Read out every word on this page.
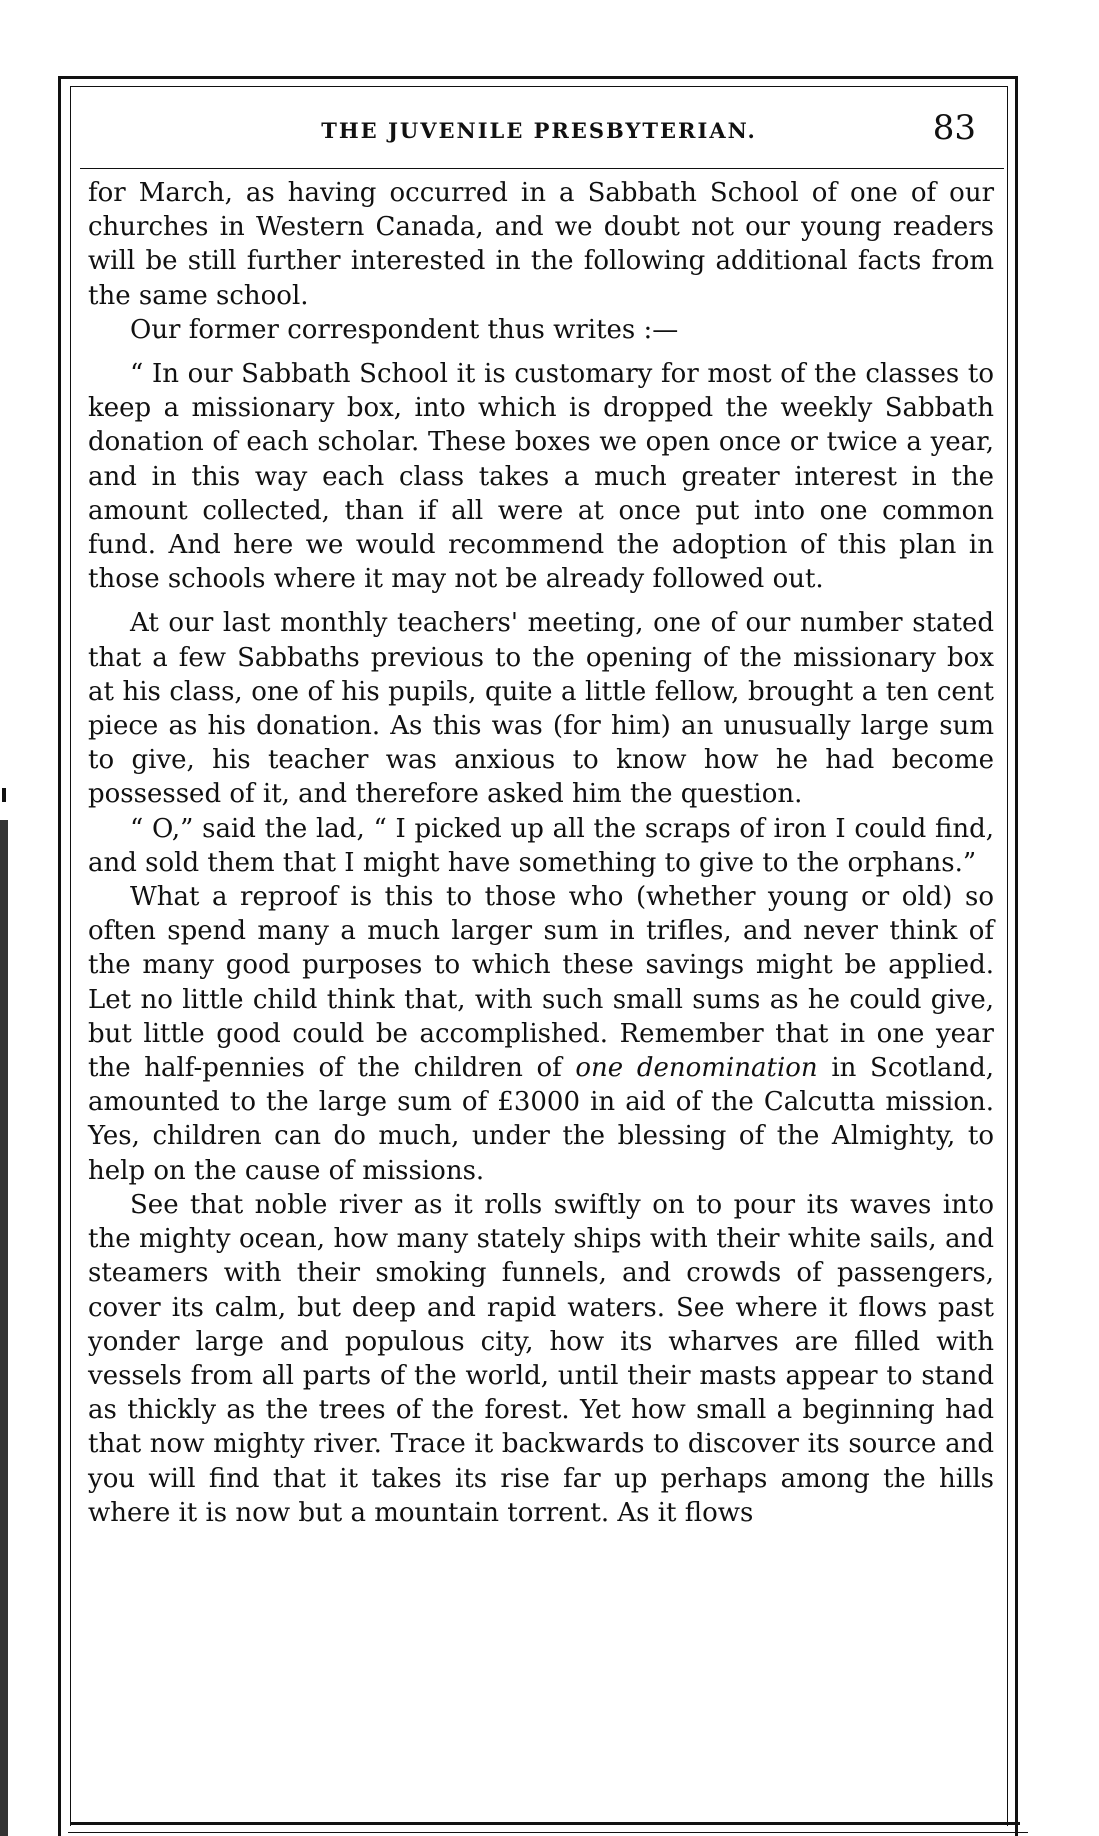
THE JUVENILE PRESBYTERIAN.	83

for March, as having occurred in a Sabbath School of one of our churches in Western Canada, and we doubt not our young readers will be still further interested in the following additional facts from the same school.

Our former correspondent thus writes :—

“ In our Sabbath School it is customary for most of the classes to keep a missionary box, into which is dropped the weekly Sabbath donation of each scholar. These boxes we open once or twice a year, and in this way each class takes a much greater interest in the amount collected, than if all were at once put into one common fund. And here we would recommend the adoption of this plan in those schools where it may not be already followed out.

At our last monthly teachers' meeting, one of our number stated that a few Sabbaths previous to the opening of the missionary box at his class, one of his pupils, quite a little fellow, brought a ten cent piece as his donation. As this was (for him) an unusually large sum to give, his teacher was anxious to know how he had become possessed of it, and therefore asked him the question.

“ O,” said the lad, “ I picked up all the scraps of iron I could find, and sold them that I might have something to give to the orphans.”

What a reproof is this to those who (whether young or old) so often spend many a much larger sum in trifles, and never think of the many good purposes to which these savings might be applied. Let no little child think that, with such small sums as he could give, but little good could be accomplished. Remember that in one year the half-pennies of the children of one denomination in Scotland, amounted to the large sum of £3000 in aid of the Calcutta mission. Yes, children can do much, under the blessing of the Almighty, to help on the cause of missions.

See that noble river as it rolls swiftly on to pour its waves into the mighty ocean, how many stately ships with their white sails, and steamers with their smoking funnels, and crowds of passengers, cover its calm, but deep and rapid waters. See where it flows past yonder large and populous city, how its wharves are filled with vessels from all parts of the world, until their masts appear to stand as thickly as the trees of the forest. Yet how small a beginning had that now mighty river. Trace it backwards to discover its source and you will find that it takes its rise far up perhaps among the hills where it is now but a mountain torrent. As it flows
